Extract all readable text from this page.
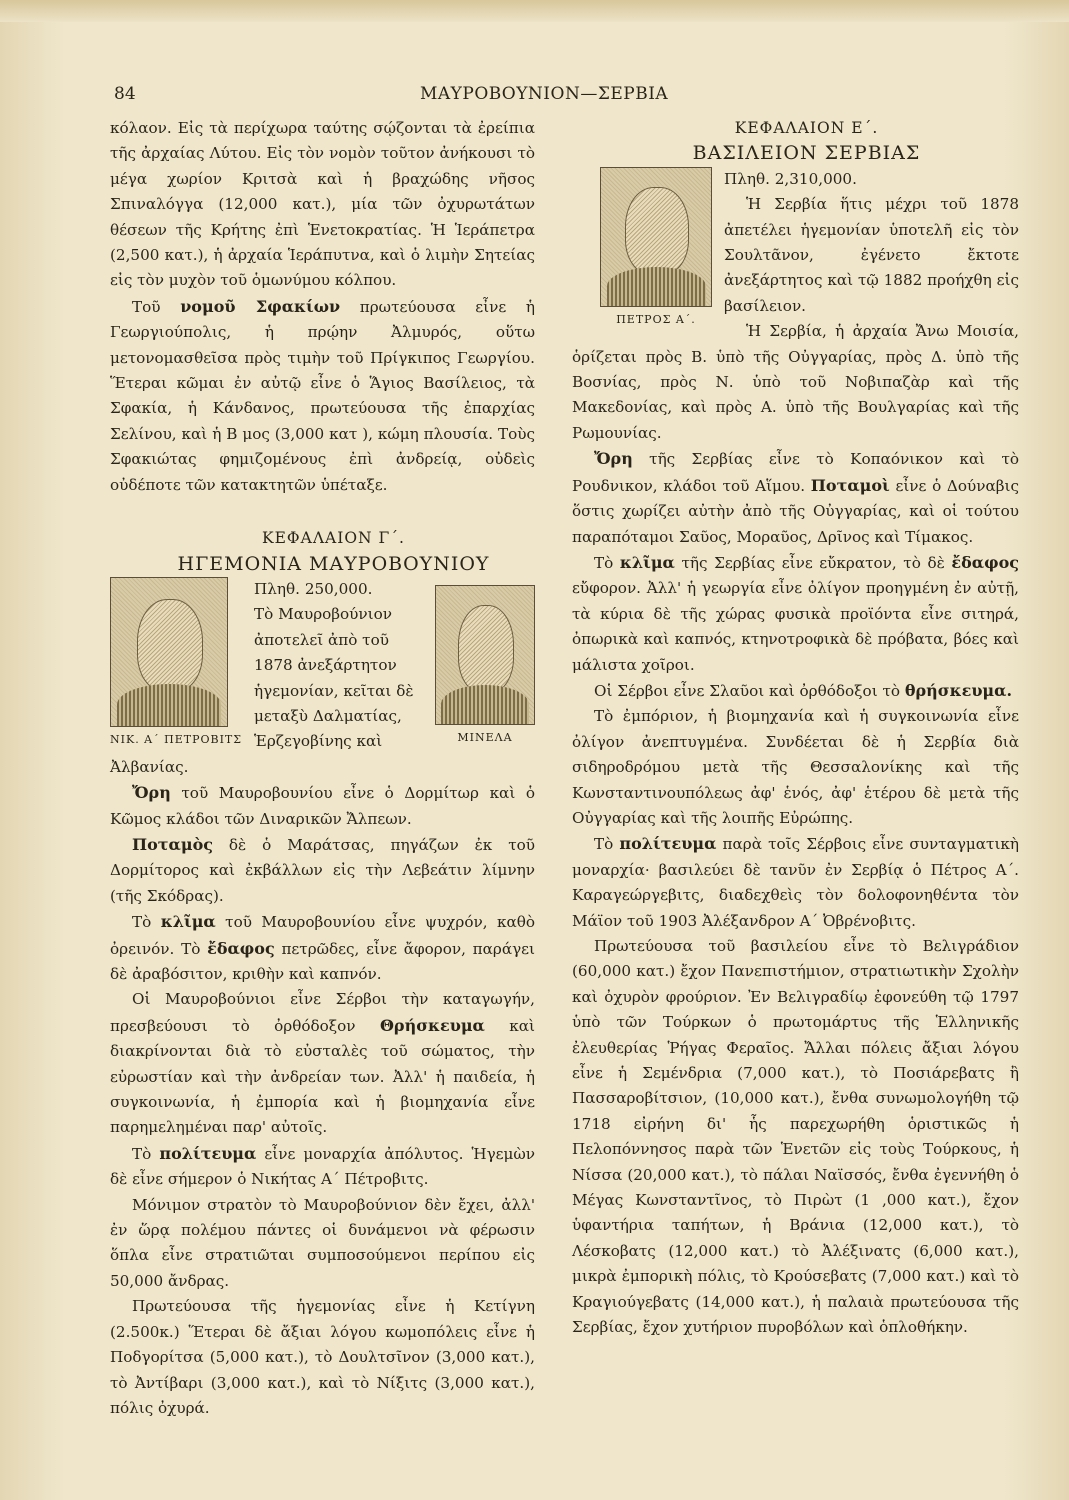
84	ΜΑΥΡΟΒΟΥΝΙΟΝ—ΣΕΡΒΙΑ

κόλαον. Εἰς τὰ περίχωρα ταύτης σῴζονται τὰ ἐρείπια τῆς ἀρχαίας Λύτου. Εἰς τὸν νομὸν τοῦτον ἀνήκουσι τὸ μέγα χωρίον Κριτσὰ καὶ ἡ βραχώδης νῆσος Σπιναλόγγα (12,000 κατ.), μία τῶν ὀχυρωτάτων θέσεων τῆς Κρήτης ἐπὶ Ἑνετοκρατίας. Ἡ Ἱεράπετρα (2,500 κατ.), ἡ ἀρχαία Ἱεράπυτνα, καὶ ὁ λιμὴν Σητείας εἰς τὸν μυχὸν τοῦ ὁμωνύμου κόλπου.

Τοῦ νομοῦ Σφακίων πρωτεύουσα εἶνε ἡ Γεωργιούπολις, ἡ πρῴην Ἀλμυρός, οὕτω μετονομασθεῖσα πρὸς τιμὴν τοῦ Πρίγκιπος Γεωργίου. Ἕτεραι κῶμαι ἐν αὐτῷ εἶνε ὁ Ἅγιος Βασίλειος, τὰ Σφακία, ἡ Κάνδανος, πρωτεύουσα τῆς ἐπαρχίας Σελίνου, καὶ ἡ Β μος (3,000 κατ ), κώμη πλουσία. Τοὺς Σφακιώτας φημιζομένους ἐπὶ ἀνδρείᾳ, οὐδεὶς οὐδέποτε τῶν κατακτητῶν ὑπέταξε.

ΚΕΦΑΛΑΙΟΝ Γ΄.

ΗΓΕΜΟΝΙΑ ΜΑΥΡΟΒΟΥΝΙΟΥ

ΝΙΚ. Α΄ ΠΕΤΡΟΒΙΤΣ	ΜΙΝΕΛΑ

Πληθ. 250,000.

Τὸ Μαυροβούνιον ἀποτελεῖ ἀπὸ τοῦ 1878 ἀνεξάρτητον ἡγεμονίαν, κεῖται δὲ μεταξὺ Δαλματίας, Ἑρζεγοβίνης καὶ Ἀλβανίας.

Ὄρη τοῦ Μαυροβουνίου εἶνε ὁ Δορμίτωρ καὶ ὁ Κῶμος κλάδοι τῶν Διναρικῶν Ἄλπεων.

Ποταμὸς δὲ ὁ Μαράτσας, πηγάζων ἐκ τοῦ Δορμίτορος καὶ ἐκβάλλων εἰς τὴν Λεβεάτιν λίμνην (τῆς Σκόδρας).

Τὸ κλῖμα τοῦ Μαυροβουνίου εἶνε ψυχρόν, καθὸ ὀρεινόν. Τὸ ἔδαφος πετρῶδες, εἶνε ἄφορον, παράγει δὲ ἀραβόσιτον, κριθὴν καὶ καπνόν.

Οἱ Μαυροβούνιοι εἶνε Σέρβοι τὴν καταγωγήν, πρεσβεύουσι τὸ ὀρθόδοξον Θρήσκευμα καὶ διακρίνονται διὰ τὸ εὐσταλὲς τοῦ σώματος, τὴν εὐρωστίαν καὶ τὴν ἀνδρείαν των. Ἀλλ' ἡ παιδεία, ἡ συγκοινωνία, ἡ ἐμπορία καὶ ἡ βιομηχανία εἶνε παρημελημέναι παρ' αὐτοῖς.

Τὸ πολίτευμα εἶνε μοναρχία ἀπόλυτος. Ἡγεμὼν δὲ εἶνε σήμερον ὁ Νικήτας Α΄ Πέτροβιτς.

Μόνιμον στρατὸν τὸ Μαυροβούνιον δὲν ἔχει, ἀλλ' ἐν ὥρᾳ πολέμου πάντες οἱ δυνάμενοι νὰ φέρωσιν ὅπλα εἶνε στρατιῶται συμποσούμενοι περίπου εἰς 50,000 ἄνδρας.

Πρωτεύουσα τῆς ἡγεμονίας εἶνε ἡ Κετίγνη (2.500κ.) Ἕτεραι δὲ ἄξιαι λόγου κωμοπόλεις εἶνε ἡ Ποδγορίτσα (5,000 κατ.), τὸ Δουλτσῖνον (3,000 κατ.), τὸ Ἀντίβαρι (3,000 κατ.), καὶ τὸ Νίξιτς (3,000 κατ.), πόλις ὀχυρά.

ΚΕΦΑΛΑΙΟΝ Ε΄.

ΒΑΣΙΛΕΙΟΝ ΣΕΡΒΙΑΣ

ΠΕΤΡΟΣ Α΄.

Πληθ. 2,310,000.

Ἡ Σερβία ἥτις μέχρι τοῦ 1878 ἀπετέλει ἡγεμονίαν ὑποτελῆ εἰς τὸν Σουλτᾶνον, ἐγένετο ἔκτοτε ἀνεξάρτητος καὶ τῷ 1882 προήχθη εἰς βασίλειον.

Ἡ Σερβία, ἡ ἀρχαία Ἄνω Μοισία, ὁρίζεται πρὸς Β. ὑπὸ τῆς Οὐγγαρίας, πρὸς Δ. ὑπὸ τῆς Βοσνίας, πρὸς Ν. ὑπὸ τοῦ Νοβιπαζὰρ καὶ τῆς Μακεδονίας, καὶ πρὸς Α. ὑπὸ τῆς Βουλγαρίας καὶ τῆς Ρωμουνίας.

Ὄρη τῆς Σερβίας εἶνε τὸ Κοπαόνικον καὶ τὸ Ρουδνικον, κλάδοι τοῦ Αἵμου. Ποταμοὶ εἶνε ὁ Δούναβις ὅστις χωρίζει αὐτὴν ἀπὸ τῆς Οὐγγαρίας, καὶ οἱ τούτου παραπόταμοι Σαῦος, Μοραῦος, Δρῖνος καὶ Τίμακος.

Τὸ κλῖμα τῆς Σερβίας εἶνε εὔκρατον, τὸ δὲ ἔδαφος εὔφορον. Ἀλλ' ἡ γεωργία εἶνε ὀλίγον προηγμένη ἐν αὐτῇ, τὰ κύρια δὲ τῆς χώρας φυσικὰ προϊόντα εἶνε σιτηρά, ὀπωρικὰ καὶ καπνός, κτηνοτροφικὰ δὲ πρόβατα, βόες καὶ μάλιστα χοῖροι.

Οἱ Σέρβοι εἶνε Σλαῦοι καὶ ὀρθόδοξοι τὸ θρήσκευμα.

Τὸ ἐμπόριον, ἡ βιομηχανία καὶ ἡ συγκοινωνία εἶνε ὀλίγον ἀνεπτυγμένα. Συνδέεται δὲ ἡ Σερβία διὰ σιδηροδρόμου μετὰ τῆς Θεσσαλονίκης καὶ τῆς Κωνσταντινουπόλεως ἀφ' ἑνός, ἀφ' ἑτέρου δὲ μετὰ τῆς Οὐγγαρίας καὶ τῆς λοιπῆς Εὐρώπης.

Τὸ πολίτευμα παρὰ τοῖς Σέρβοις εἶνε συνταγματικὴ μοναρχία· βασιλεύει δὲ τανῦν ἐν Σερβίᾳ ὁ Πέτρος Α΄. Καραγεώργεβιτς, διαδεχθεὶς τὸν δολοφονηθέντα τὸν Μάϊον τοῦ 1903 Ἀλέξανδρον Α΄ Ὀβρένοβιτς.

Πρωτεύουσα τοῦ βασιλείου εἶνε τὸ Βελιγράδιον (60,000 κατ.) ἔχον Πανεπιστήμιον, στρατιωτικὴν Σχολὴν καὶ ὀχυρὸν φρούριον. Ἐν Βελιγραδίῳ ἐφονεύθη τῷ 1797 ὑπὸ τῶν Τούρκων ὁ πρωτομάρτυς τῆς Ἑλληνικῆς ἐλευθερίας Ῥήγας Φεραῖος. Ἄλλαι πόλεις ἄξιαι λόγου εἶνε ἡ Σεμένδρια (7,000 κατ.), τὸ Ποσιάρεβατς ἢ Πασσαροβίτσιον, (10,000 κατ.), ἔνθα συνωμολογήθη τῷ 1718 εἰρήνη δι' ἧς παρεχωρήθη ὁριστικῶς ἡ Πελοπόννησος παρὰ τῶν Ἑνετῶν εἰς τοὺς Τούρκους, ἡ Νίσσα (20,000 κατ.), τὸ πάλαι Ναϊσσός, ἔνθα ἐγεννήθη ὁ Μέγας Κωνσταντῖνος, τὸ Πιρὼτ (1 ,000 κατ.), ἔχον ὑφαντήρια ταπήτων, ἡ Βράνια (12,000 κατ.), τὸ Λέσκοβατς (12,000 κατ.) τὸ Ἀλέξινατς (6,000 κατ.), μικρὰ ἐμπορικὴ πόλις, τὸ Κρούσεβατς (7,000 κατ.) καὶ τὸ Κραγιούγεβατς (14,000 κατ.), ἡ παλαιὰ πρωτεύουσα τῆς Σερβίας, ἔχον χυτήριον πυροβόλων καὶ ὁπλοθήκην.
